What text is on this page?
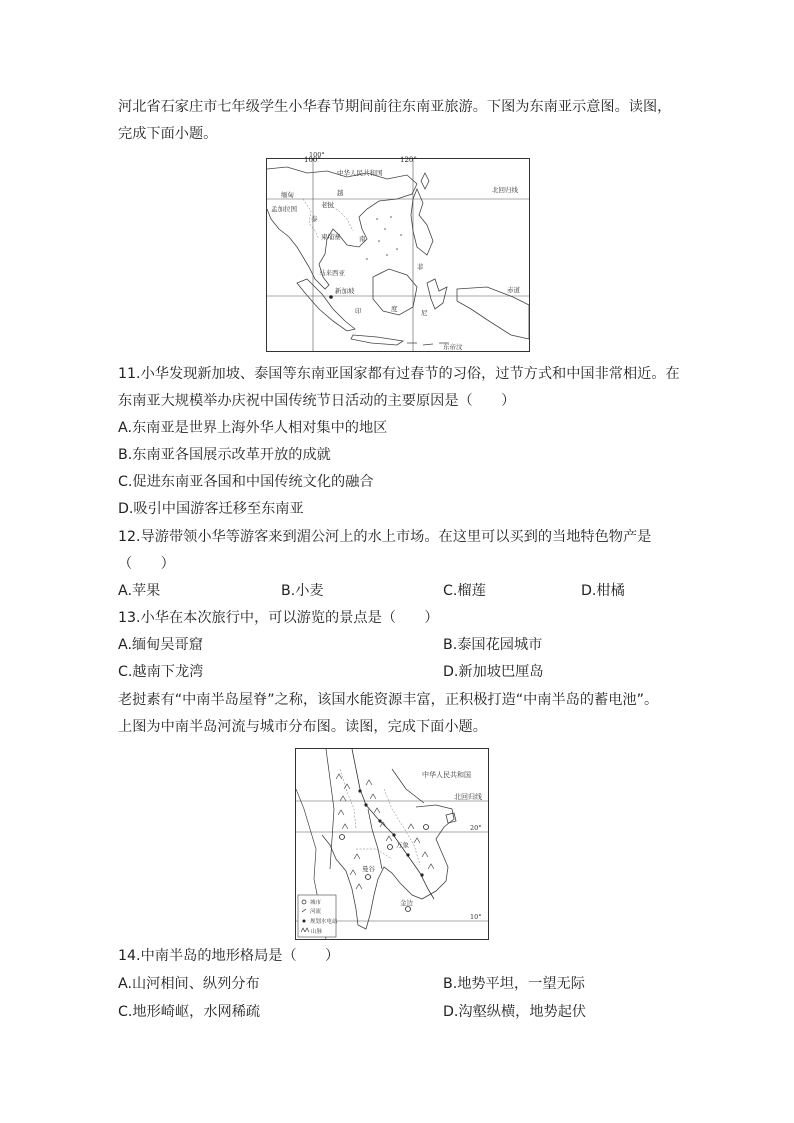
河北省石家庄市七年级学生小华春节期间前往东南亚旅游。下图为东南亚示意图。读图，
完成下面小题。
100°
中华人民共和国
北回归线
赤道
缅甸	越
老挝
泰
柬埔寨	南
菲
马来西亚
新加坡
印	度	尼
东帝汶
孟加拉国
100°	120°
11.小华发现新加坡、泰国等东南亚国家都有过春节的习俗，过节方式和中国非常相近。在
东南亚大规模举办庆祝中国传统节日活动的主要原因是（　　）
A.东南亚是世界上海外华人相对集中的地区
B.东南亚各国展示改革开放的成就
C.促进东南亚各国和中国传统文化的融合
D.吸引中国游客迁移至东南亚
12.导游带领小华等游客来到湄公河上的水上市场。在这里可以买到的当地特色物产是
（　　）
A.苹果	B.小麦	C.榴莲	D.柑橘
13.小华在本次旅行中，可以游览的景点是（　　）
A.缅甸吴哥窟	B.泰国花园城市
C.越南下龙湾	D.新加坡巴厘岛
老挝素有“中南半岛屋脊”之称，该国水能资源丰富，正积极打造“中南半岛的蓄电池”。
上图为中南半岛河流与城市分布图。读图，完成下面小题。
中华人民共和国
北回归线
20°
10°
万象
曼谷
金边
城市
河流
规划水电站
山脉
14.中南半岛的地形格局是（　　）
A.山河相间、纵列分布	B.地势平坦，一望无际
C.地形崎岖，水网稀疏	D.沟壑纵横，地势起伏
